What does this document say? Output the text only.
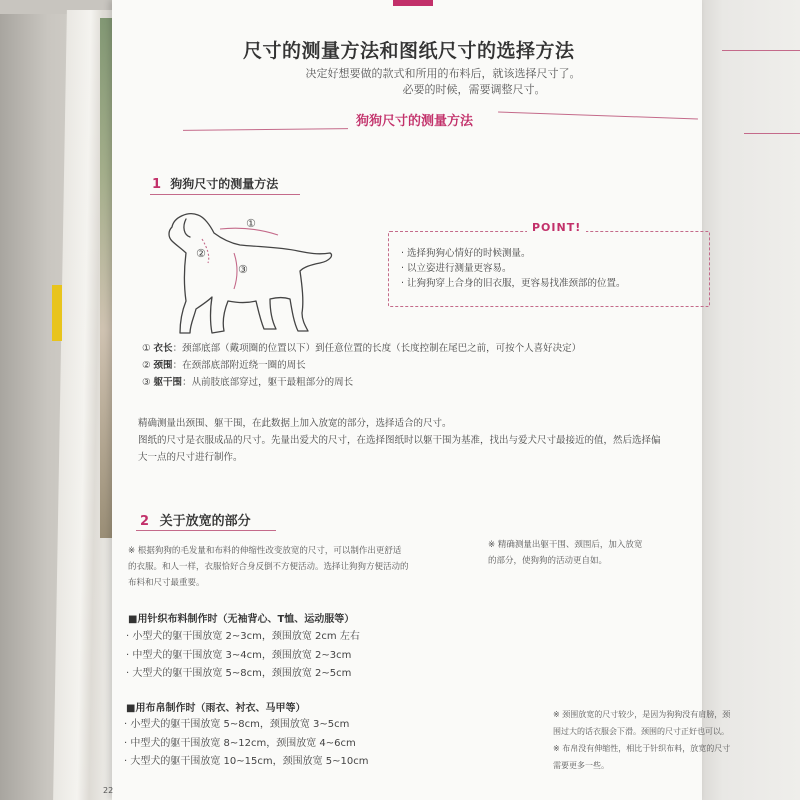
尺寸的测量方法和图纸尺寸的选择方法
决定好想要做的款式和所用的布料后，就该选择尺寸了。
必要的时候，需要调整尺寸。
狗狗尺寸的测量方法
1 狗狗尺寸的测量方法
①
②
③
POINT!
· 选择狗狗心情好的时候测量。
· 以立姿进行测量更容易。
· 让狗狗穿上合身的旧衣服，更容易找准颈部的位置。
① 衣长：颈部底部（戴项圈的位置以下）到任意位置的长度（长度控制在尾巴之前，可按个人喜好决定）
② 颈围：在颈部底部附近绕一圈的周长
③ 躯干围：从前肢底部穿过，躯干最粗部分的周长
精确测量出颈围、躯干围，在此数据上加入放宽的部分，选择适合的尺寸。
图纸的尺寸是衣服成品的尺寸。先量出爱犬的尺寸，在选择图纸时以躯干围为基准，找出与爱犬尺寸最接近的值，然后选择偏
大一点的尺寸进行制作。
2 关于放宽的部分
※ 根据狗狗的毛发量和布料的伸缩性改变放宽的尺寸，可以制作出更舒适
的衣服。和人一样，衣服恰好合身反倒不方便活动。选择让狗狗方便活动的
布料和尺寸最重要。
※ 精确测量出躯干围、颈围后，加入放宽
的部分，使狗狗的活动更自如。
■用针织布料制作时（无袖背心、T恤、运动服等）
· 小型犬的躯干围放宽 2~3cm，颈围放宽 2cm 左右
· 中型犬的躯干围放宽 3~4cm，颈围放宽 2~3cm
· 大型犬的躯干围放宽 5~8cm，颈围放宽 2~5cm
■用布帛制作时（雨衣、衬衣、马甲等）
· 小型犬的躯干围放宽 5~8cm，颈围放宽 3~5cm
· 中型犬的躯干围放宽 8~12cm，颈围放宽 4~6cm
· 大型犬的躯干围放宽 10~15cm，颈围放宽 5~10cm
※ 颈围放宽的尺寸较少，是因为狗狗没有肩膀，颈
围过大的话衣服会下滑。颈围的尺寸正好也可以。
※ 布帛没有伸缩性，相比于针织布料，放宽的尺寸
需要更多一些。
22
